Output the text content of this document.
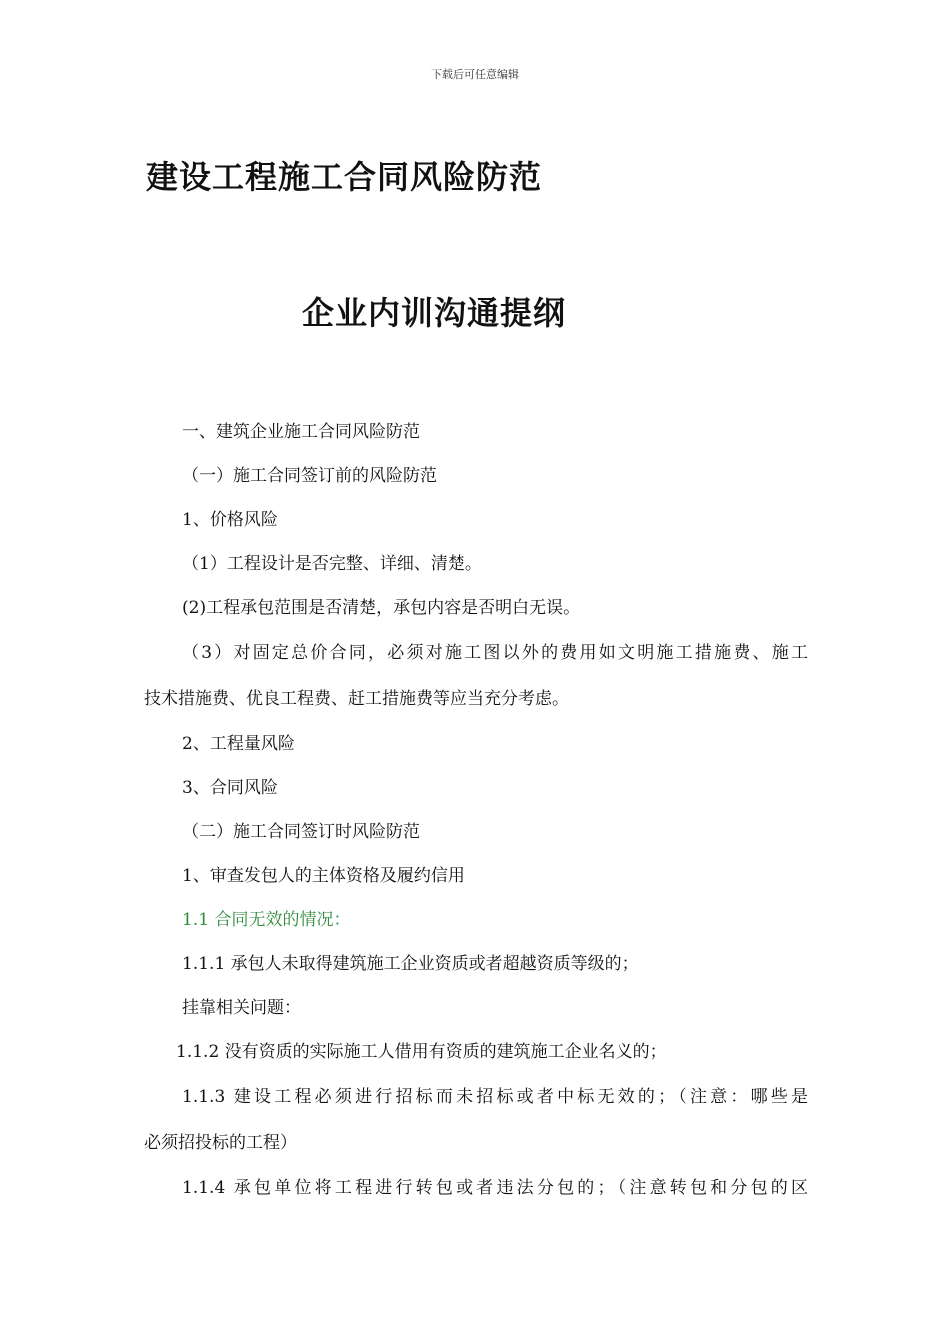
下载后可任意编辑
建设工程施工合同风险防范
企业内训沟通提纲
一、建筑企业施工合同风险防范
（一）施工合同签订前的风险防范
1、价格风险
（1）工程设计是否完整、详细、清楚。
(2)工程承包范围是否清楚，承包内容是否明白无误。
（3）对固定总价合同，必须对施工图以外的费用如文明施工措施费、施工
技术措施费、优良工程费、赶工措施费等应当充分考虑。
2、工程量风险
3、合同风险
（二）施工合同签订时风险防范
1、审查发包人的主体资格及履约信用
1.1 合同无效的情况：
1.1.1 承包人未取得建筑施工企业资质或者超越资质等级的；
挂靠相关问题：
1.1.2 没有资质的实际施工人借用有资质的建筑施工企业名义的；
1.1.3 建设工程必须进行招标而未招标或者中标无效的；（注意：哪些是
必须招投标的工程）
1.1.4 承包单位将工程进行转包或者违法分包的；（注意转包和分包的区
